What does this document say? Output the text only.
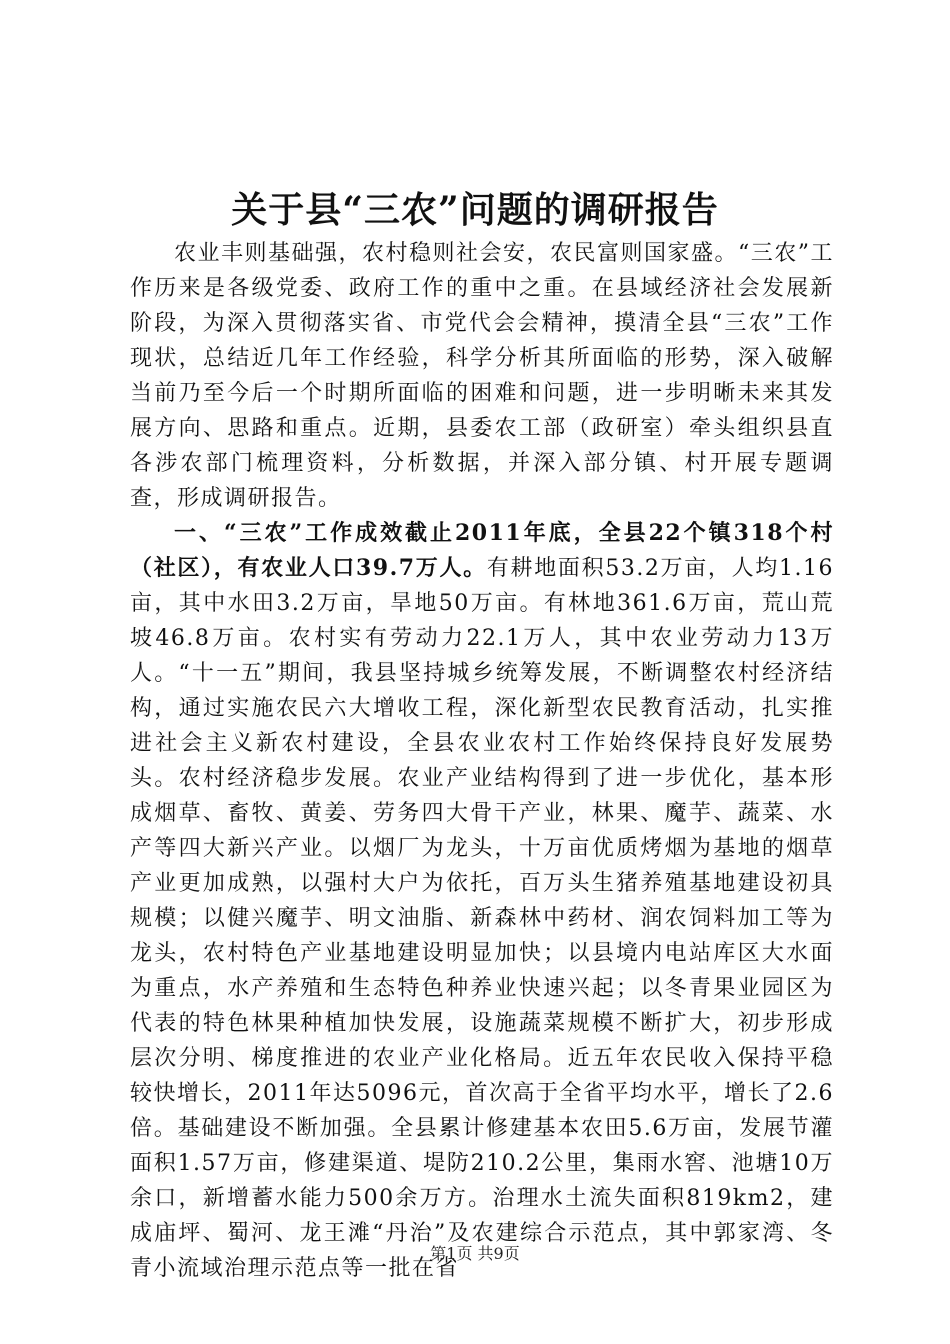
关于县“三农”问题的调研报告

农业丰则基础强，农村稳则社会安，农民富则国家盛。“三农”工作历来是各级党委、政府工作的重中之重。在县域经济社会发展新阶段，为深入贯彻落实省、市党代会会精神，摸清全县“三农”工作现状，总结近几年工作经验，科学分析其所面临的形势，深入破解当前乃至今后一个时期所面临的困难和问题，进一步明晰未来其发展方向、思路和重点。近期，县委农工部（政研室）牵头组织县直各涉农部门梳理资料，分析数据，并深入部分镇、村开展专题调查，形成调研报告。

一、“三农”工作成效截止2011年底，全县22个镇318个村（社区），有农业人口39.7万人。有耕地面积53.2万亩，人均1.16亩，其中水田3.2万亩，旱地50万亩。有林地361.6万亩，荒山荒坡46.8万亩。农村实有劳动力22.1万人，其中农业劳动力13万人。“十一五”期间，我县坚持城乡统筹发展，不断调整农村经济结构，通过实施农民六大增收工程，深化新型农民教育活动，扎实推进社会主义新农村建设，全县农业农村工作始终保持良好发展势头。农村经济稳步发展。农业产业结构得到了进一步优化，基本形成烟草、畜牧、黄姜、劳务四大骨干产业，林果、魔芋、蔬菜、水产等四大新兴产业。以烟厂为龙头，十万亩优质烤烟为基地的烟草产业更加成熟，以强村大户为依托，百万头生猪养殖基地建设初具规模；以健兴魔芋、明文油脂、新森林中药材、润农饲料加工等为龙头，农村特色产业基地建设明显加快；以县境内电站库区大水面为重点，水产养殖和生态特色种养业快速兴起；以冬青果业园区为代表的特色林果种植加快发展，设施蔬菜规模不断扩大，初步形成层次分明、梯度推进的农业产业化格局。近五年农民收入保持平稳较快增长，2011年达5096元，首次高于全省平均水平，增长了2.6倍。基础建设不断加强。全县累计修建基本农田5.6万亩，发展节灌面积1.57万亩，修建渠道、堤防210.2公里，集雨水窖、池塘10万余口，新增蓄水能力500余万方。治理水土流失面积819km2，建成庙坪、蜀河、龙王滩“丹治”及农建综合示范点，其中郭家湾、冬青小流域治理示范点等一批在省

第1页 共9页
